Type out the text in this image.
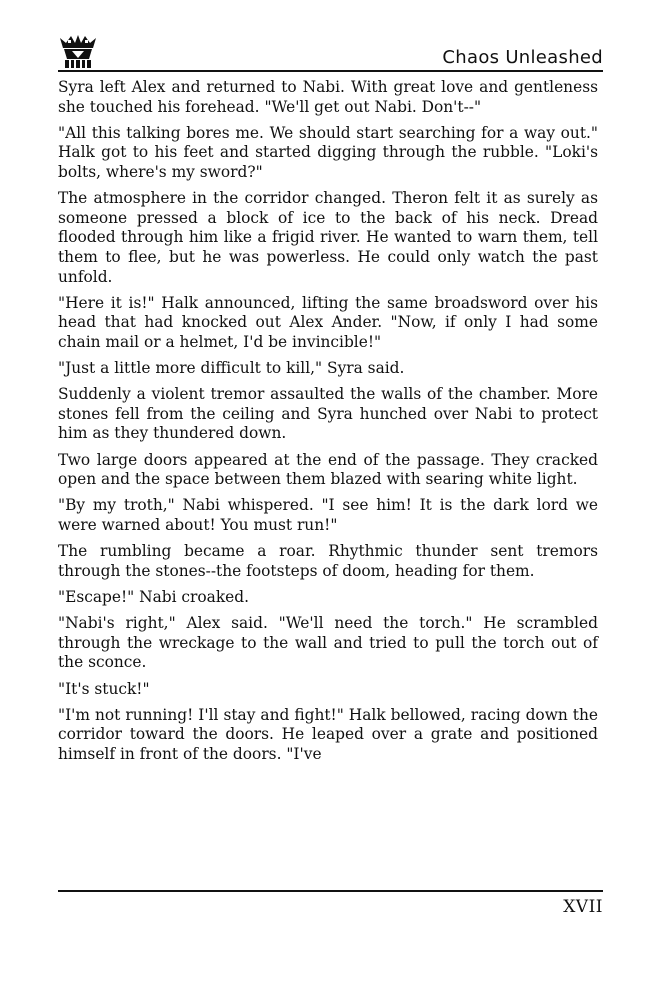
Chaos Unleashed

Syra left Alex and returned to Nabi. With great love and gentleness she touched his forehead. "We'll get out Nabi. Don't--"

"All this talking bores me. We should start searching for a way out." Halk got to his feet and started digging through the rubble. "Loki's bolts, where's my sword?"

The atmosphere in the corridor changed. Theron felt it as surely as someone pressed a block of ice to the back of his neck. Dread flooded through him like a frigid river. He wanted to warn them, tell them to flee, but he was powerless. He could only watch the past unfold.

"Here it is!" Halk announced, lifting the same broadsword over his head that had knocked out Alex Ander. "Now, if only I had some chain mail or a helmet, I'd be invincible!"

"Just a little more difficult to kill," Syra said.

Suddenly a violent tremor assaulted the walls of the chamber. More stones fell from the ceiling and Syra hunched over Nabi to protect him as they thundered down.

Two large doors appeared at the end of the passage. They cracked open and the space between them blazed with searing white light.

"By my troth," Nabi whispered. "I see him! It is the dark lord we were warned about! You must run!"

The rumbling became a roar. Rhythmic thunder sent tremors through the stones--the footsteps of doom, heading for them.

"Escape!" Nabi croaked.

"Nabi's right," Alex said. "We'll need the torch." He scrambled through the wreckage to the wall and tried to pull the torch out of the sconce.

"It's stuck!"

"I'm not running! I'll stay and fight!" Halk bellowed, racing down the corridor toward the doors. He leaped over a grate and positioned himself in front of the doors. "I've

XVII
